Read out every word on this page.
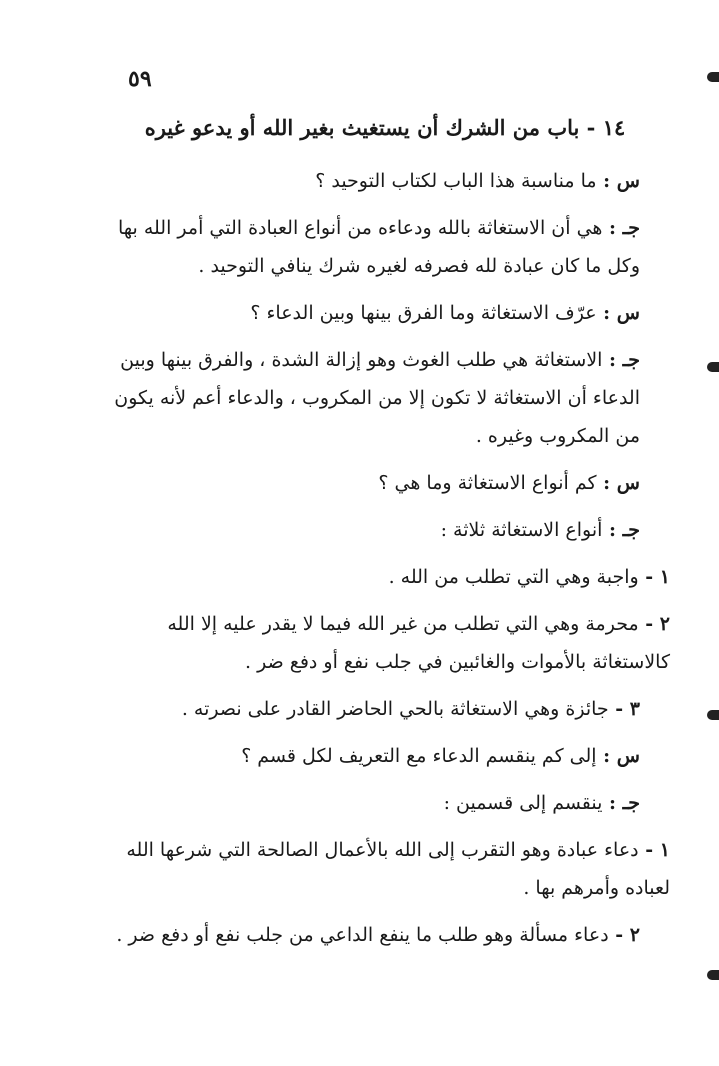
٥٩
١٤ - باب من الشرك أن يستغيث بغير الله أو يدعو غيره
س : ما مناسبة هذا الباب لكتاب التوحيد ؟
جـ : هي أن الاستغاثة بالله ودعاءه من أنواع العبادة التي أمر الله بها وكل ما كان عبادة لله فصرفه لغيره شرك ينافي التوحيد .
س : عرّف الاستغاثة وما الفرق بينها وبين الدعاء ؟
جـ : الاستغاثة هي طلب الغوث وهو إزالة الشدة ، والفرق بينها وبين الدعاء أن الاستغاثة لا تكون إلا من المكروب ، والدعاء أعم لأنه يكون من المكروب وغيره .
س : كم أنواع الاستغاثة وما هي ؟
جـ : أنواع الاستغاثة ثلاثة :
١ - واجبة وهي التي تطلب من الله .
٢ - محرمة وهي التي تطلب من غير الله فيما لا يقدر عليه إلا الله كالاستغاثة بالأموات والغائبين في جلب نفع أو دفع ضر .
٣ - جائزة وهي الاستغاثة بالحي الحاضر القادر على نصرته .
س : إلى كم ينقسم الدعاء مع التعريف لكل قسم ؟
جـ : ينقسم إلى قسمين :
١ - دعاء عبادة وهو التقرب إلى الله بالأعمال الصالحة التي شرعها الله لعباده وأمرهم بها .
٢ - دعاء مسألة وهو طلب ما ينفع الداعي من جلب نفع أو دفع ضر .
